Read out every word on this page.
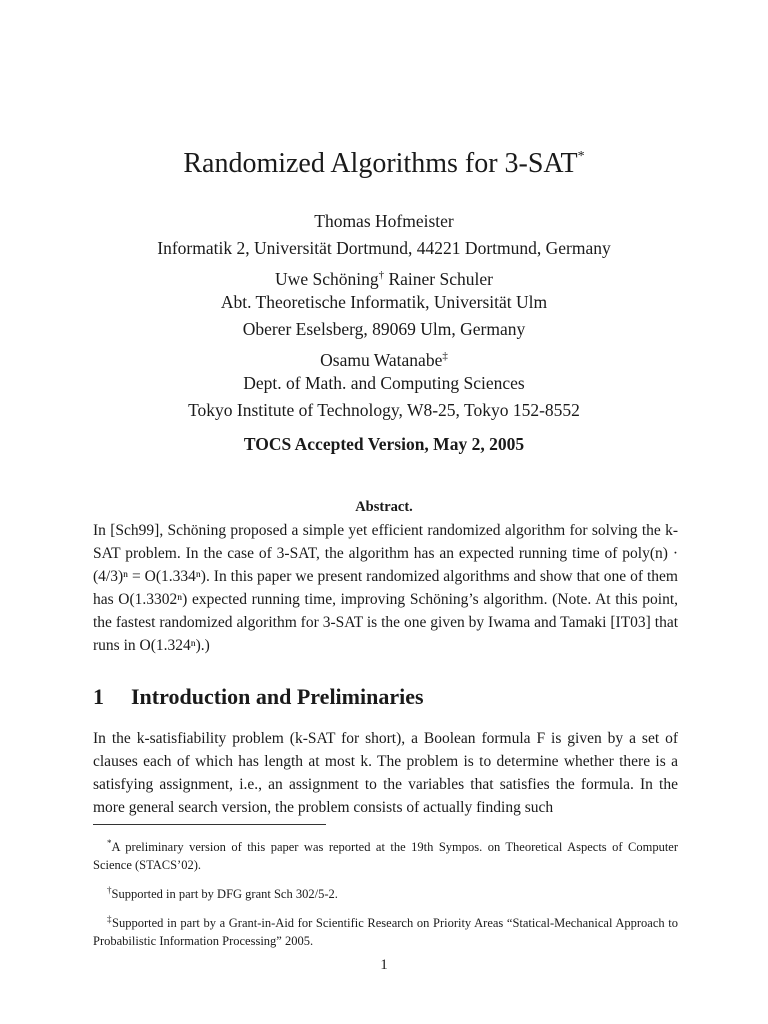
Randomized Algorithms for 3-SAT*
Thomas Hofmeister
Informatik 2, Universität Dortmund, 44221 Dortmund, Germany
Uwe Schöning† Rainer Schuler
Abt. Theoretische Informatik, Universität Ulm
Oberer Eselsberg, 89069 Ulm, Germany
Osamu Watanabe‡
Dept. of Math. and Computing Sciences
Tokyo Institute of Technology, W8-25, Tokyo 152-8552
TOCS Accepted Version, May 2, 2005
Abstract.

In [Sch99], Schöning proposed a simple yet efficient randomized algorithm for solving the k-SAT problem. In the case of 3-SAT, the algorithm has an expected running time of poly(n) · (4/3)ⁿ = O(1.334ⁿ). In this paper we present randomized algorithms and show that one of them has O(1.3302ⁿ) expected running time, improving Schöning’s algorithm. (Note. At this point, the fastest randomized algorithm for 3-SAT is the one given by Iwama and Tamaki [IT03] that runs in O(1.324ⁿ).)

1 Introduction and Preliminaries

In the k-satisfiability problem (k-SAT for short), a Boolean formula F is given by a set of clauses each of which has length at most k. The problem is to determine whether there is a satisfying assignment, i.e., an assignment to the variables that satisfies the formula. In the more general search version, the problem consists of actually finding such

*A preliminary version of this paper was reported at the 19th Sympos. on Theoretical Aspects of Computer Science (STACS’02).

†Supported in part by DFG grant Sch 302/5-2.

‡Supported in part by a Grant-in-Aid for Scientific Research on Priority Areas “Statical-Mechanical Approach to Probabilistic Information Processing” 2005.

1
